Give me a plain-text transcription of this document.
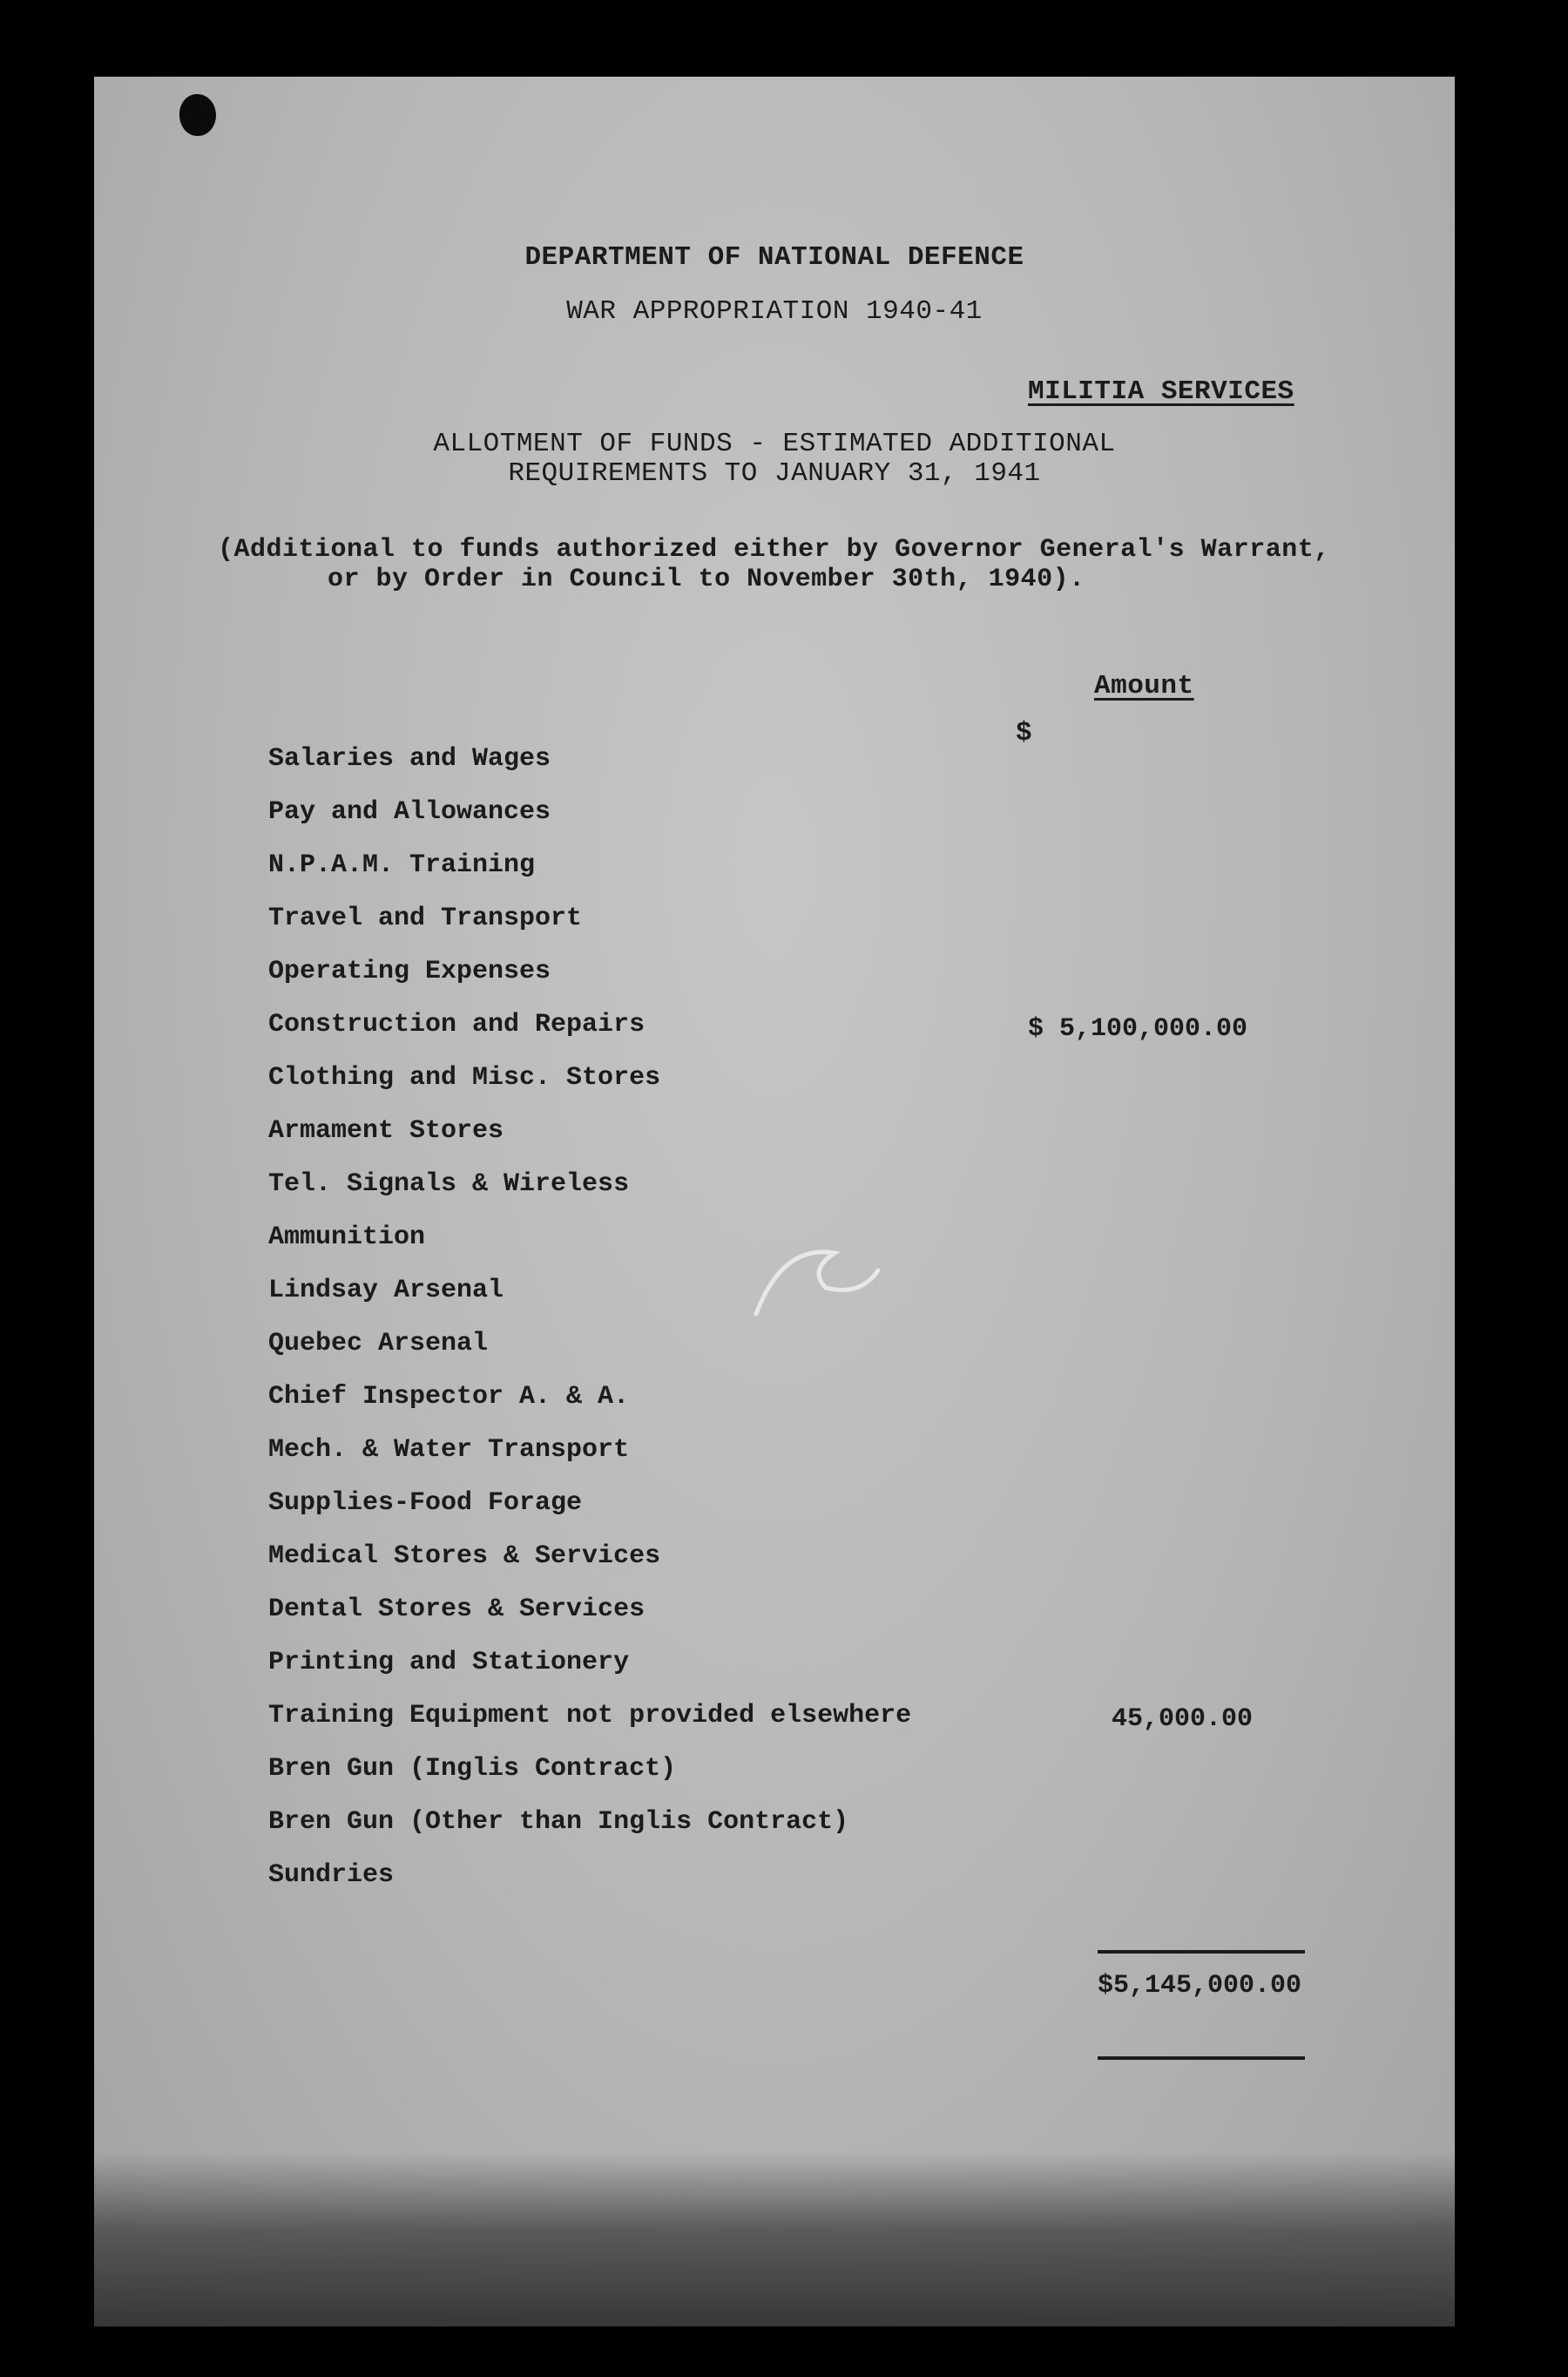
DEPARTMENT OF NATIONAL DEFENCE
WAR APPROPRIATION 1940-41
MILITIA SERVICES
ALLOTMENT OF FUNDS - ESTIMATED ADDITIONAL
REQUIREMENTS TO JANUARY 31, 1941
(Additional to funds authorized either by Governor General's Warrant,
or by Order in Council to November 30th, 1940).
Amount
$
Salaries and Wages
Pay and Allowances
N.P.A.M. Training
Travel and Transport
Operating Expenses
Construction and Repairs	$ 5,100,000.00
Clothing and Misc. Stores
Armament Stores
Tel. Signals & Wireless
Ammunition
Lindsay Arsenal
Quebec Arsenal
Chief Inspector A. & A.
Mech. & Water Transport
Supplies-Food Forage
Medical Stores & Services
Dental Stores & Services
Printing and Stationery
Training Equipment not provided elsewhere	45,000.00
Bren Gun (Inglis Contract)
Bren Gun (Other than Inglis Contract)
Sundries
$5,145,000.00
